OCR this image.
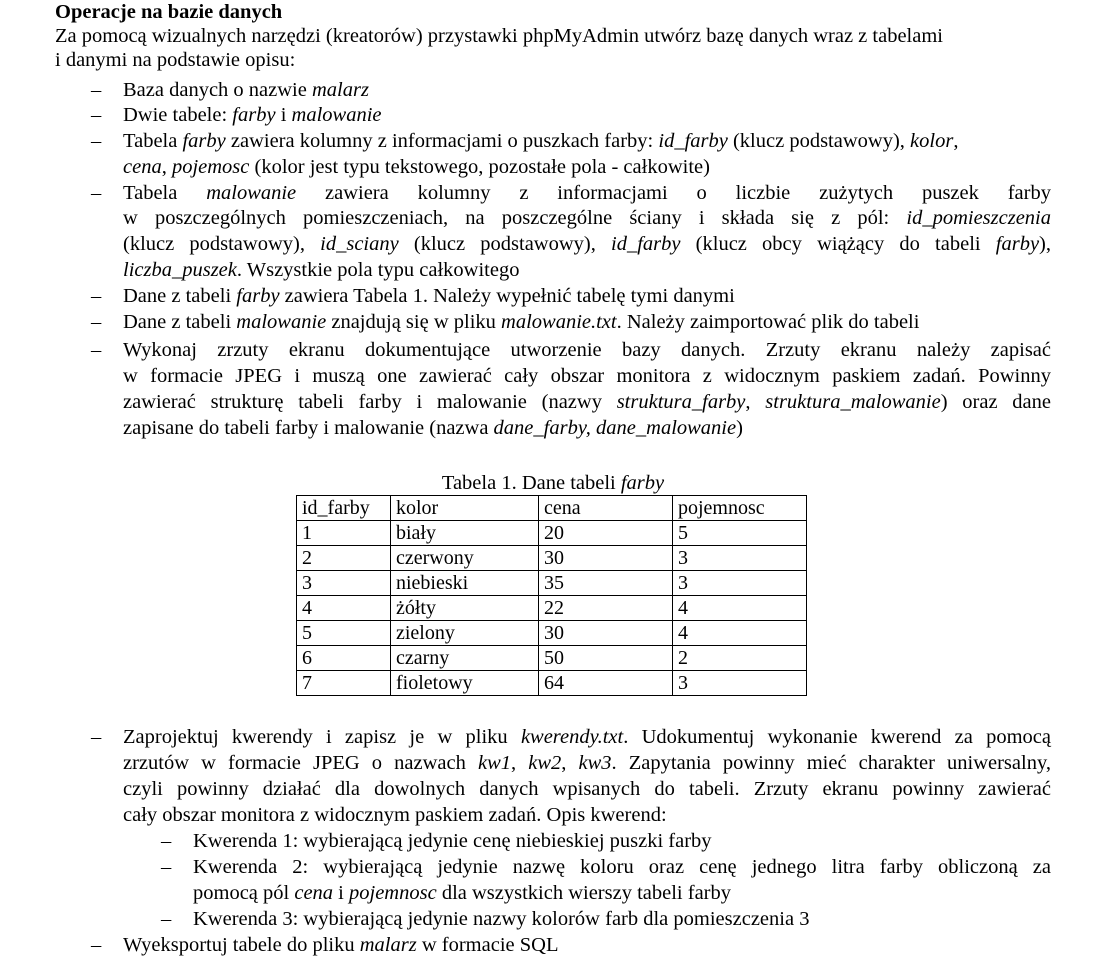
Operacje na bazie danych
Za pomocą wizualnych narzędzi (kreatorów) przystawki phpMyAdmin utwórz bazę danych wraz z tabelami
i danymi na podstawie opisu:
– Baza danych o nazwie malarz
– Dwie tabele: farby i malowanie
– Tabela farby zawiera kolumny z informacjami o puszkach farby: id_farby (klucz podstawowy), kolor,
cena, pojemosc (kolor jest typu tekstowego, pozostałe pola - całkowite)
– Tabela malowanie zawiera kolumny z informacjami o liczbie zużytych puszek farby
w poszczególnych pomieszczeniach, na poszczególne ściany i składa się z pól: id_pomieszczenia
(klucz podstawowy), id_sciany (klucz podstawowy), id_farby (klucz obcy wiążący do tabeli farby),
liczba_puszek. Wszystkie pola typu całkowitego
– Dane z tabeli farby zawiera Tabela 1. Należy wypełnić tabelę tymi danymi
– Dane z tabeli malowanie znajdują się w pliku malowanie.txt. Należy zaimportować plik do tabeli
– Wykonaj zrzuty ekranu dokumentujące utworzenie bazy danych. Zrzuty ekranu należy zapisać
w formacie JPEG i muszą one zawierać cały obszar monitora z widocznym paskiem zadań. Powinny
zawierać strukturę tabeli farby i malowanie (nazwy struktura_farby, struktura_malowanie) oraz dane
zapisane do tabeli farby i malowanie (nazwa dane_farby, dane_malowanie)
Tabela 1. Dane tabeli farby
id_farby	kolor	cena	pojemnosc
1	biały	20	5
2	czerwony	30	3
3	niebieski	35	3
4	żółty	22	4
5	zielony	30	4
6	czarny	50	2
7	fioletowy	64	3
– Zaprojektuj kwerendy i zapisz je w pliku kwerendy.txt. Udokumentuj wykonanie kwerend za pomocą
zrzutów w formacie JPEG o nazwach kw1, kw2, kw3. Zapytania powinny mieć charakter uniwersalny,
czyli powinny działać dla dowolnych danych wpisanych do tabeli. Zrzuty ekranu powinny zawierać
cały obszar monitora z widocznym paskiem zadań. Opis kwerend:
– Kwerenda 1: wybierającą jedynie cenę niebieskiej puszki farby
– Kwerenda 2: wybierającą jedynie nazwę koloru oraz cenę jednego litra farby obliczoną za
pomocą pól cena i pojemnosc dla wszystkich wierszy tabeli farby
– Kwerenda 3: wybierającą jedynie nazwy kolorów farb dla pomieszczenia 3
– Wyeksportuj tabele do pliku malarz w formacie SQL
